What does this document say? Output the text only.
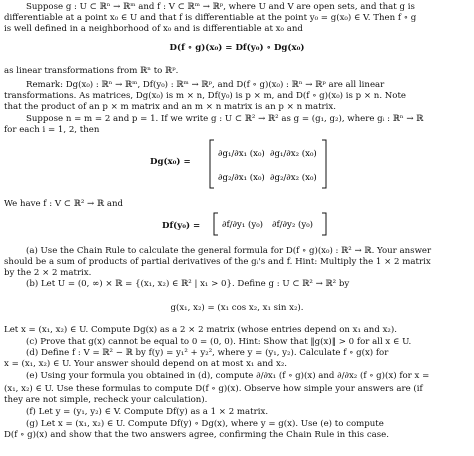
Suppose g : U ⊂ ℝⁿ → ℝᵐ and f : V ⊂ ℝᵐ → ℝᵖ, where U and V are open sets, and that g is
differentiable at a point x₀ ∈ U and that f is differentiable at the point y₀ = g(x₀) ∈ V. Then f ∘ g
is well defined in a neighborhood of x₀ and is differentiable at x₀ and
D(f ∘ g)(x₀) = Df(y₀) ∘ Dg(x₀)
as linear transformations from ℝⁿ to ℝᵖ.
Remark: Dg(x₀) : ℝⁿ → ℝᵐ, Df(y₀) : ℝᵐ → ℝᵖ, and D(f ∘ g)(x₀) : ℝⁿ → ℝᵖ are all linear
transformations. As matrices, Dg(x₀) is m × n, Df(y₀) is p × m, and D(f ∘ g)(x₀) is p × n. Note
that the product of an p × m matrix and an m × n matrix is an p × n matrix.
Suppose n = m = 2 and p = 1. If we write g : U ⊂ ℝ² → ℝ² as g = (g₁, g₂), where gᵢ : ℝⁿ → ℝ
for each i = 1, 2, then
Dg(x₀) =
∂g₁/∂x₁ (x₀) ∂g₁/∂x₂ (x₀)
∂g₂/∂x₁ (x₀) ∂g₂/∂x₂ (x₀)
We have f : V ⊂ ℝ² → ℝ and
Df(y₀) =	∂f/∂y₁ (y₀) ∂f/∂y₂ (y₀)
(a) Use the Chain Rule to calculate the general formula for D(f ∘ g)(x₀) : ℝ² → ℝ. Your answer
should be a sum of products of partial derivatives of the gᵢ's and f. Hint: Multiply the 1 × 2 matrix
by the 2 × 2 matrix.
(b) Let U = (0, ∞) × ℝ = {(x₁, x₂) ∈ ℝ² | x₁ > 0}. Define g : U ⊂ ℝ² → ℝ² by
g(x₁, x₂) = (x₁ cos x₂, x₁ sin x₂).
Let x = (x₁, x₂) ∈ U. Compute Dg(x) as a 2 × 2 matrix (whose entries depend on x₁ and x₂).
(c) Prove that g(x) cannot be equal to 0 = (0, 0). Hint: Show that ‖g(x)‖ > 0 for all x ∈ U.
(d) Define f : V = ℝ² − ℝ by f(y) = y₁² + y₂², where y = (y₁, y₂). Calculate f ∘ g(x) for
x = (x₁, x₂) ∈ U. Your answer should depend on at most x₁ and x₂.
(e) Using your formula you obtained in (d), compute ∂/∂x₁ (f ∘ g)(x) and ∂/∂x₂ (f ∘ g)(x) for x =
(x₁, x₂) ∈ U. Use these formulas to compute D(f ∘ g)(x). Observe how simple your answers are (if
they are not simple, recheck your calculation).
(f) Let y = (y₁, y₂) ∈ V. Compute Df(y) as a 1 × 2 matrix.
(g) Let x = (x₁, x₂) ∈ U. Compute Df(y) ∘ Dg(x), where y = g(x). Use (e) to compute
D(f ∘ g)(x) and show that the two answers agree, confirming the Chain Rule in this case.
